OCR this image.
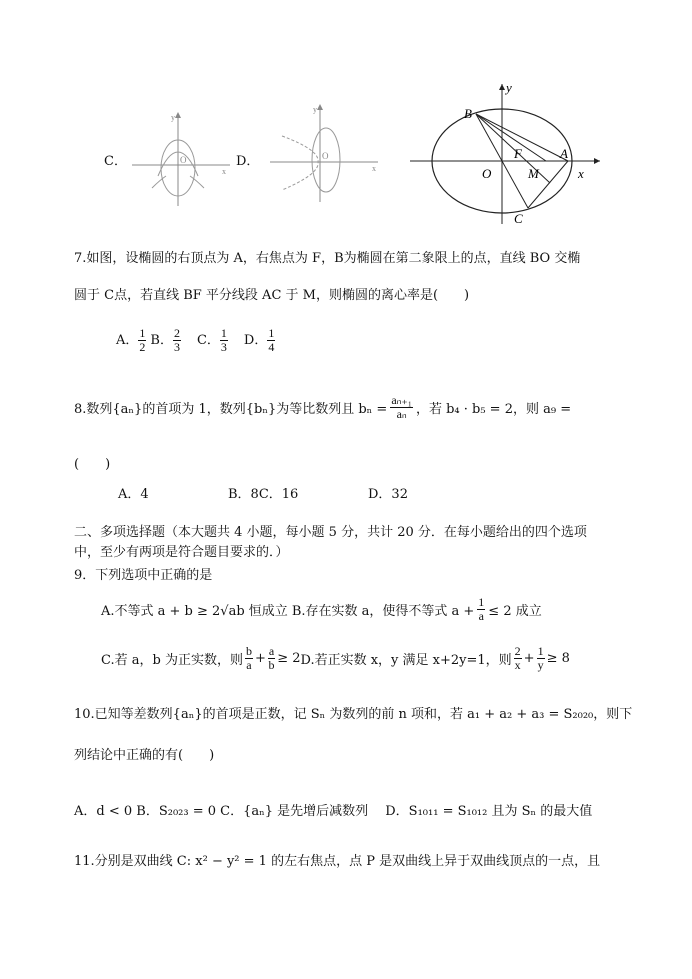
C．	O
x
y
D．	O
x
y
y
B
F	A
O	M	x
C
7.如图，设椭圆的右顶点为 A，右焦点为 F，B为椭圆在第二象限上的点，直线 BO 交椭
圆于 C点，若直线 BF 平分线段 AC 于 M，则椭圆的离心率是(　　)
A． $\frac{1}{2}$ B． $\frac{2}{3}$ C． $\frac{1}{3}$ D． $\frac{1}{4}$
8.数列{aₙ}的首项为 1，数列{bₙ}为等比数列且 $b_n = \frac{\text{aₙ₊₁}}{\text{aₙ}}$ ，若 b₄ · b₅ = 2，则 a₉ =
(　　)
A．4	B．8C．16	D．32
二、多项选择题（本大题共 4 小题，每小题 5 分，共计 20 分．在每小题给出的四个选项
中，至少有两项是符合题目要求的．）
9．下列选项中正确的是
A.不等式 a + b ≥ 2√ab 恒成立 B.存在实数 a，使得不等式 $a + \frac{1}{a} \le 2$ 成立
C.若 a，b 为正实数，则 $\frac{b}{a} + \frac{a}{b} \ge 2$ D.若正实数 x，y 满足 x+2y=1，则 $\frac{2}{x} + \frac{1}{y} \ge 8$
10.已知等差数列{aₙ}的首项是正数，记 Sₙ 为数列的前 n 项和，若 a₁ + a₂ + a₃ = S₂₀₂₀，则下
列结论中正确的有(　　)
A．d < 0 B．S₂₀₂₃ = 0 C．{aₙ} 是先增后减数列　 D．S₁₀₁₁ = S₁₀₁₂ 且为 Sₙ 的最大值
11.分别是双曲线 C: x² − y² = 1 的左右焦点，点 P 是双曲线上异于双曲线顶点的一点，且
